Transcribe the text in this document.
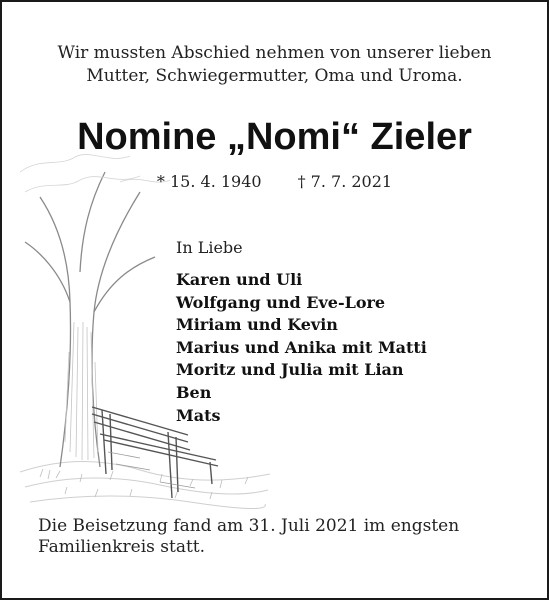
Wir mussten Abschied nehmen von unserer lieben
Mutter, Schwiegermutter, Oma und Uroma.
Nomine „Nomi“ Zieler
* 15. 4. 1940 † 7. 7. 2021
In Liebe
Karen und Uli
Wolfgang und Eve-Lore
Miriam und Kevin
Marius und Anika mit Matti
Moritz und Julia mit Lian
Ben
Mats
Die Beisetzung fand am 31. Juli 2021 im engsten Familienkreis statt.
